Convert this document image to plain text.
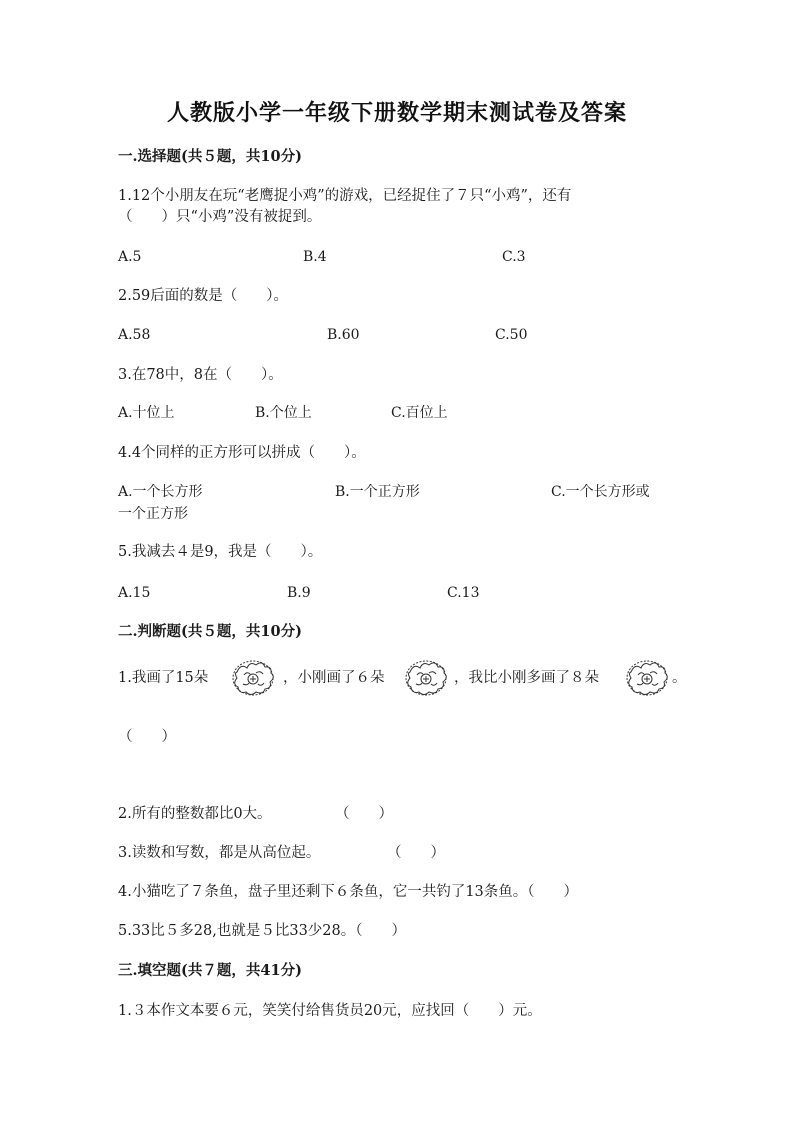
人教版小学一年级下册数学期末测试卷及答案
一.选择题(共５题，共10分)
1.12个小朋友在玩“老鹰捉小鸡”的游戏，已经捉住了７只“小鸡”，还有
（　　）只“小鸡”没有被捉到。
A.5	B.4	C.3
2.59后面的数是（　　）。
A.58	B.60	C.50
3.在78中，8在（　　）。
A.十位上	B.个位上	C.百位上
4.4个同样的正方形可以拼成（　　）。
A.一个长方形	B.一个正方形	C.一个长方形或
一个正方形
5.我减去４是9，我是（　　）。
A.15	B.9	C.13
二.判断题(共５题，共10分)
1.我画了15朵	，小刚画了６朵	，我比小刚多画了８朵	。
（　　）
2.所有的整数都比0大。	（　　）
3.读数和写数，都是从高位起。	（　　）
4.小猫吃了７条鱼，盘子里还剩下６条鱼，它一共钓了13条鱼。（　　）
5.33比５多28,也就是５比33少28。（　　）
三.填空题(共７题，共41分)
1.３本作文本要６元，笑笑付给售货员20元，应找回（　　）元。
